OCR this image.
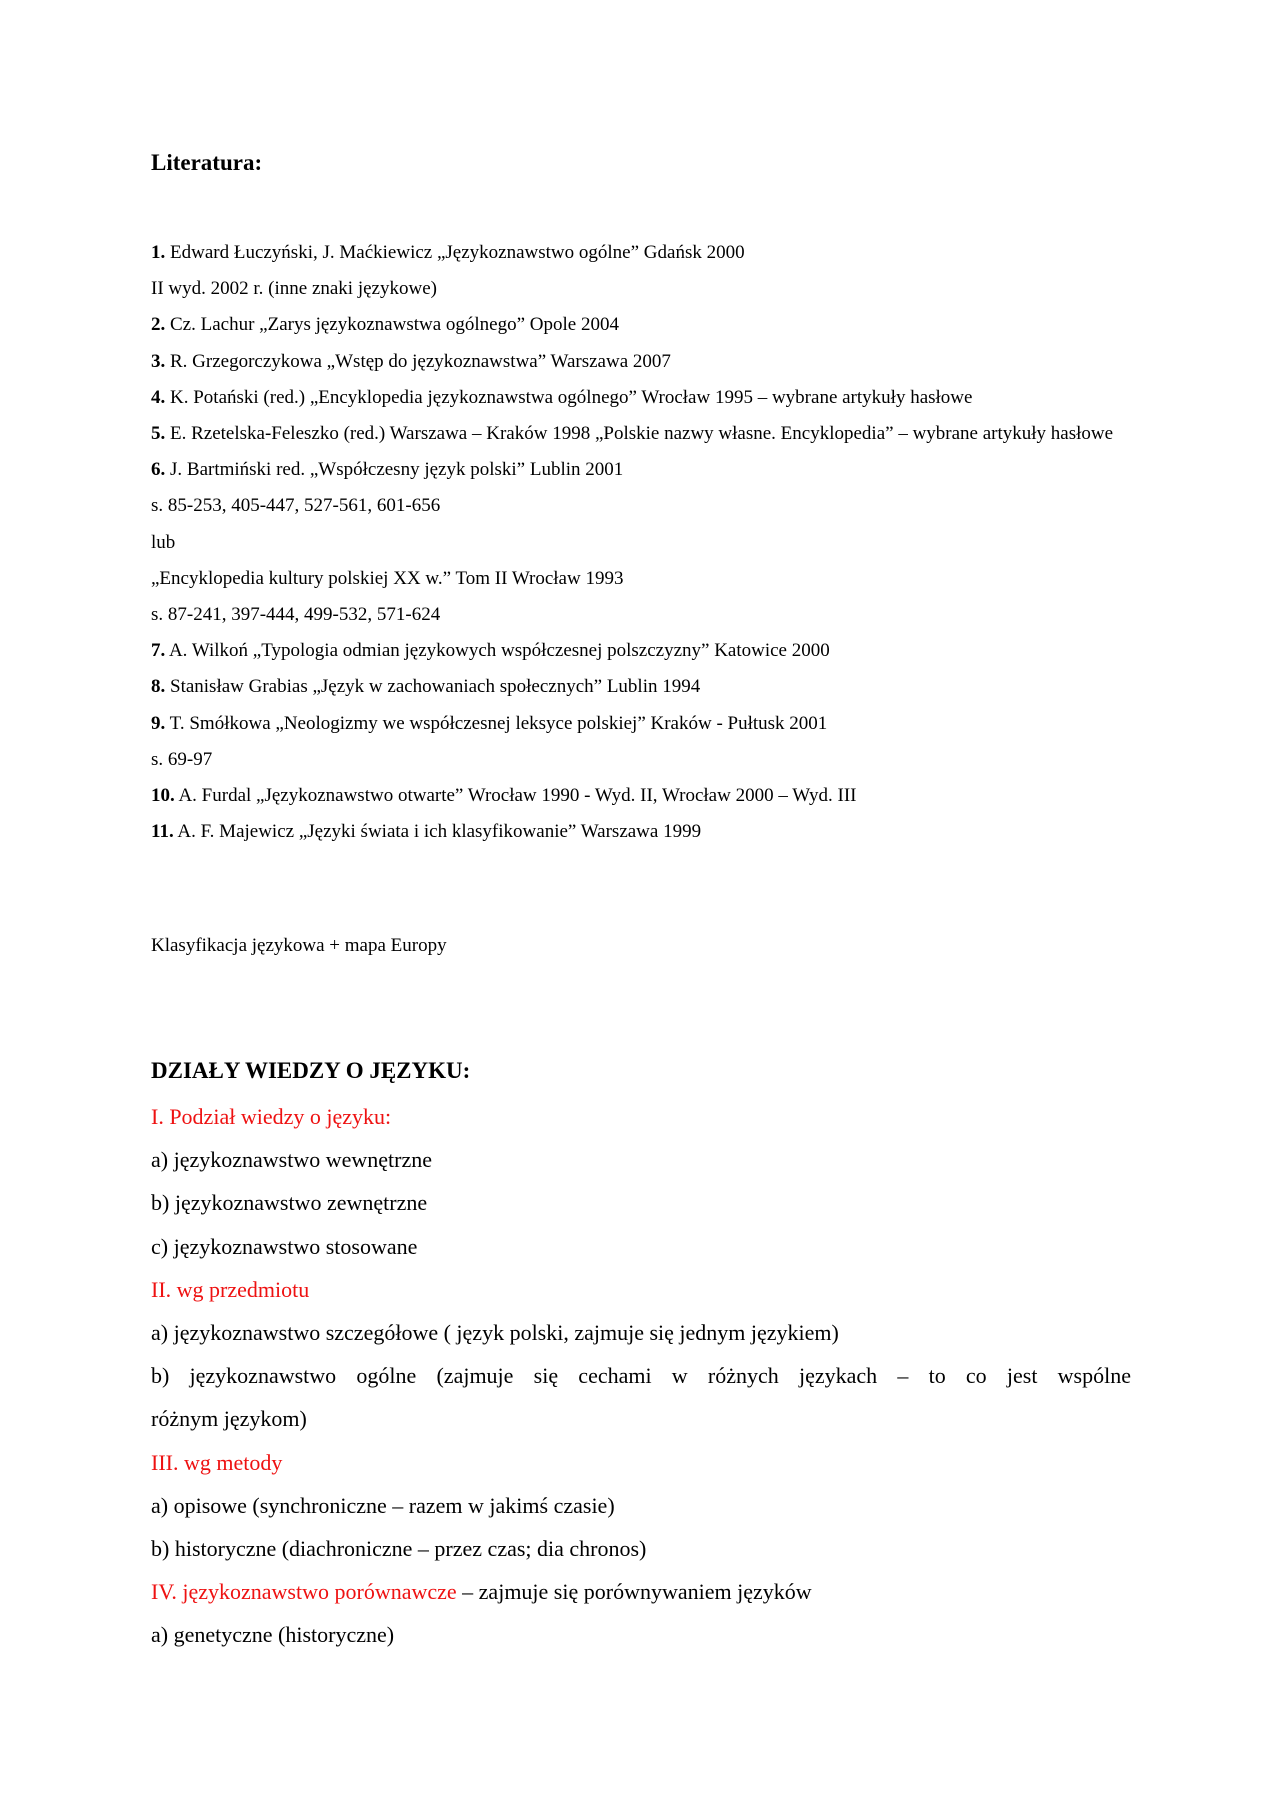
Literatura:
1. Edward Łuczyński, J. Maćkiewicz „Językoznawstwo ogólne” Gdańsk 2000
II wyd. 2002 r. (inne znaki językowe)
2. Cz. Lachur „Zarys językoznawstwa ogólnego” Opole 2004
3. R. Grzegorczykowa „Wstęp do językoznawstwa” Warszawa 2007
4. K. Potański (red.) „Encyklopedia językoznawstwa ogólnego” Wrocław 1995 – wybrane artykuły hasłowe
5. E. Rzetelska-Feleszko (red.) Warszawa – Kraków 1998 „Polskie nazwy własne. Encyklopedia” – wybrane artykuły hasłowe
6. J. Bartmiński red. „Współczesny język polski” Lublin 2001
s. 85-253, 405-447, 527-561, 601-656
lub
„Encyklopedia kultury polskiej XX w.” Tom II Wrocław 1993
s. 87-241, 397-444, 499-532, 571-624
7. A. Wilkoń „Typologia odmian językowych współczesnej polszczyzny” Katowice 2000
8. Stanisław Grabias „Język w zachowaniach społecznych” Lublin 1994
9. T. Smółkowa „Neologizmy we współczesnej leksyce polskiej” Kraków - Pułtusk 2001
s. 69-97
10. A. Furdal „Językoznawstwo otwarte” Wrocław 1990 - Wyd. II, Wrocław 2000 – Wyd. III
11. A. F. Majewicz „Języki świata i ich klasyfikowanie” Warszawa 1999
Klasyfikacja językowa + mapa Europy
DZIAŁY WIEDZY O JĘZYKU:
I. Podział wiedzy o języku:
a) językoznawstwo wewnętrzne
b) językoznawstwo zewnętrzne
c) językoznawstwo stosowane
II. wg przedmiotu
a) językoznawstwo szczegółowe ( język polski, zajmuje się jednym językiem)
b) językoznawstwo ogólne (zajmuje się cechami w różnych językach – to co jest wspólne
różnym językom)
III. wg metody
a) opisowe (synchroniczne – razem w jakimś czasie)
b) historyczne (diachroniczne – przez czas; dia chronos)
IV. językoznawstwo porównawcze – zajmuje się porównywaniem języków
a) genetyczne (historyczne)
